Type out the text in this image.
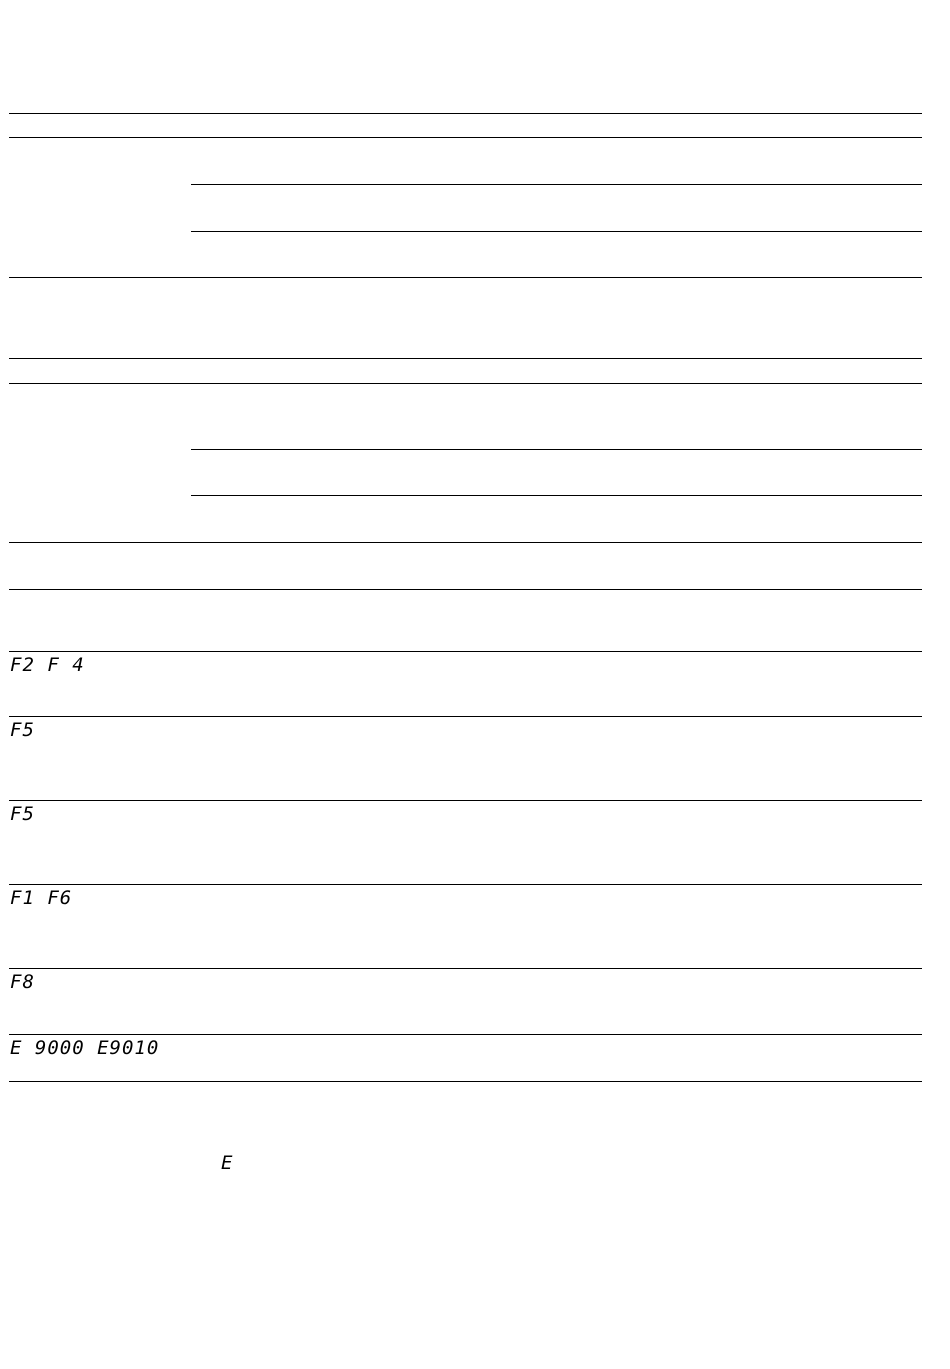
F2 F 4
F5
F5
F1 F6
F8
E 9000 E9010
E
